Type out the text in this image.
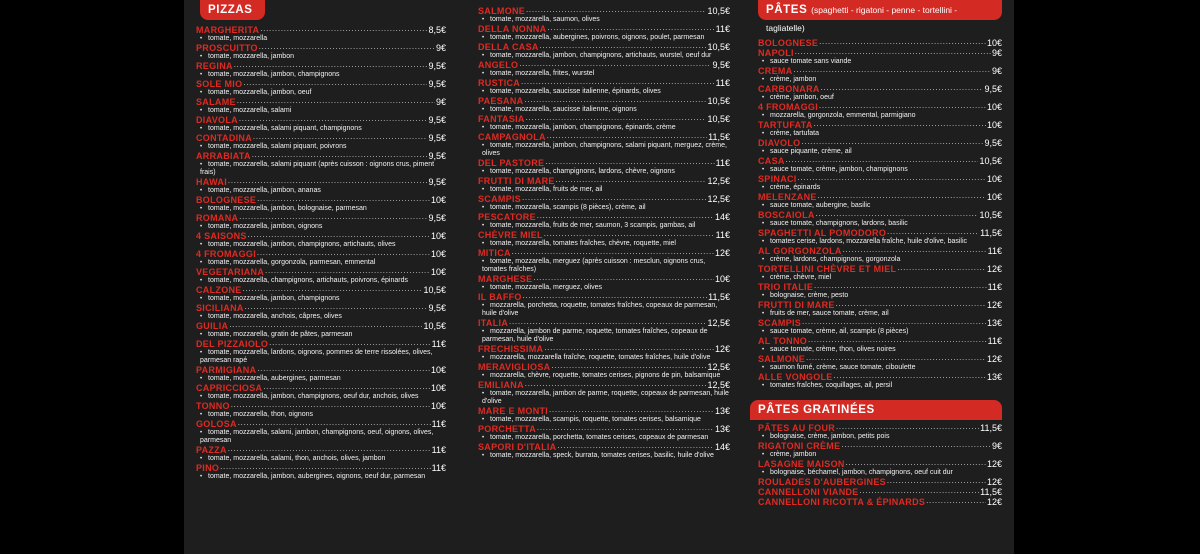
PIZZAS
MARGHERITA .....	8,5€
• tomate, mozzarella
PROSCUITTO .....	9€
• tomate, mozzarella, jambon
REGINA .....	9,5€
• tomate, mozzarella, jambon, champignons
SOLE MIO .....	9,5€
• tomate, mozzarella, jambon, oeuf
SALAME .....	9€
• tomate, mozzarella, salami
DIAVOLA .....	9,5€
• tomate, mozzarella, salami piquant, champignons
CONTADINA .....	9,5€
• tomate, mozzarella, salami piquant, poivrons
ARRABIATA .....	9,5€
• tomate, mozzarella, salami piquant (après cuisson : oignons crus, piment frais)
HAWAI .....	9,5€
• tomate, mozzarella, jambon, ananas
BOLOGNESE .....	10€
• tomate, mozzarella, jambon, bolognaise, parmesan
ROMANA .....	9,5€
• tomate, mozzarella, jambon, oignons
4 SAISONS .....	10€
• tomate, mozzarella, jambon, champignons, artichauts, olives
4 FROMAGGI .....	10€
• tomate, mozzarella, gorgonzola, parmesan, emmental
VEGETARIANA .....	10€
• tomate, mozzarella, champignons, artichauts, poivrons, épinards
CALZONE .....	10,5€
• tomate, mozzarella, jambon, champignons
SICILIANA .....	9,5€
• tomate, mozzarella, anchois, câpres, olives
GUILIA .....	10,5€
• tomate, mozzarella, gratin de pâtes, parmesan
DEL PIZZAIOLO .....	11€
• tomate, mozzarella, lardons, oignons, pommes de terre rissolées, olives, parmesan rapé
PARMIGIANA .....	10€
• tomate, mozzarella, aubergines, parmesan
CAPRICCIOSA .....	10€
• tomate, mozzarella, jambon, champignons, oeuf dur, anchois, olives
TONNO .....	10€
• tomate, mozzarella, thon, oignons
GOLOSA .....	11€
• tomate, mozzarella, salami, jambon, champignons, oeuf, oignons, olives, parmesan
PAZZA .....	11€
• tomate, mozzarella, salami, thon, anchois, olives, jambon
PINO .....	11€
• tomate, mozzarella, jambon, aubergines, oignons, oeuf dur, parmesan
SALMONE .....	10,5€
• tomate, mozzarella, saumon, olives
DELLA NONNA .....	11€
• tomate, mozzarella, aubergines, poivrons, oignons, poulet, parmesan
DELLA CASA .....	10,5€
• tomate, mozzarella, jambon, champignons, artichauts, wurstel, oeuf dur
ANGELO .....	9,5€
• tomate, mozzarella, frites, wurstel
RUSTICA .....	11€
• tomate, mozzarella, saucisse italienne, épinards, olives
PAESANA .....	10,5€
• tomate, mozzarella, saucisse italienne, oignons
FANTASIA .....	10,5€
• tomate, mozzarella, jambon, champignons, épinards, crème
CAMPAGNOLA .....	11,5€
• tomate, mozzarella, jambon, champignons, salami piquant, merguez, crème, olives
DEL PASTORE .....	11€
• tomate, mozzarella, champignons, lardons, chèvre, oignons
FRUTTI DI MARE .....	12,5€
• tomate, mozzarella, fruits de mer, ail
SCAMPIS .....	12,5€
• tomate, mozzarella, scampis (8 pièces), crème, ail
PESCATORE .....	14€
• tomate, mozzarella, fruits de mer, saumon, 3 scampis, gambas, ail
CHÈVRE MIEL .....	11€
• tomate, mozzarella, tomates fraîches, chèvre, roquette, miel
MITICA .....	12€
• tomate, mozzarella, merguez (après cuisson : mesclun, oignons crus, tomates fraîches)
MARGHESE .....	10€
• tomate, mozzarella, merguez, olives
IL BAFFO .....	11,5€
• mozzarella, porchetta, roquette, tomates fraîches, copeaux de parmesan, huile d'olive
ITALIA .....	12,5€
• mozzarella, jambon de parme, roquette, tomates fraîches, copeaux de parmesan, huile d'olive
FRECHISSIMA .....	12€
• mozzarella, mozzarella fraîche, roquette, tomates fraîches, huile d'olive
MERAVIGLIOSA .....	12,5€
• mozzarella, chèvre, roquette, tomates cerises, pignons de pin, balsamique
EMILIANA .....	12,5€
• tomate, mozzarella, jambon de parme, roquette, copeaux de parmesan, huile d'olive
MARE E MONTI .....	13€
• tomate, mozzarella, scampis, roquette, tomates cerises, balsamique
PORCHETTA .....	13€
• tomate, mozzarella, porchetta, tomates cerises, copeaux de parmesan
SAPORI D'ITALIA .....	14€
• tomate, mozzarella, speck, burrata, tomates cerises, basilic, huile d'olive
PÂTES (spaghetti - rigatoni - penne - tortellini - tagliatelle)
BOLOGNESE .....	10€
NAPOLI .....	9€
• sauce tomate sans viande
CREMA .....	9€
• crème, jambon
CARBONARA .....	9,5€
• crème, jambon, oeuf
4 FROMAGGI .....	10€
• mozzarella, gorgonzola, emmental, parmigiano
TARTUFATA .....	10€
• crème, tartufata
DIAVOLO .....	9,5€
• sauce piquante, crème, ail
CASA .....	10,5€
• sauce tomate, crème, jambon, champignons
SPINACI .....	10€
• crème, épinards
MELENZANE .....	10€
• sauce tomate, aubergine, basilic
BOSCAIOLA .....	10,5€
• sauce tomate, champignons, lardons, basilic
SPAGHETTI AL POMODORO .....	11,5€
• tomates cerise, lardons, mozzarella fraîche, huile d'olive, basilic
AL GORGONZOLA .....	11€
• crème, lardons, champignons, gorgonzola
TORTELLINI CHÈVRE ET MIEL .....	12€
• crème, chèvre, miel
TRIO ITALIE .....	11€
• bolognaise, crème, pesto
FRUTTI DI MARE .....	12€
• fruits de mer, sauce tomate, crème, ail
SCAMPIS .....	13€
• sauce tomate, crème, ail, scampis (8 pièces)
AL TONNO .....	11€
• sauce tomate, crème, thon, olives noires
SALMONE .....	12€
• saumon fumé, crème, sauce tomate, ciboulette
ALLE VONGOLE .....	13€
• tomates fraîches, coquillages, ail, persil
PÂTES GRATINÉES
PÂTES AU FOUR .....	11,5€
• bolognaise, crème, jambon, petits pois
RIGATONI CRÈME .....	9€
• crème, jambon
LASAGNE MAISON .....	12€
• bolognaise, béchamel, jambon, champignons, oeuf cuit dur
ROULADES D'AUBERGINES .....	12€
CANNELLONI VIANDE .....	11,5€
CANNELLONI RICOTTA & ÉPINARDS .....	12€
